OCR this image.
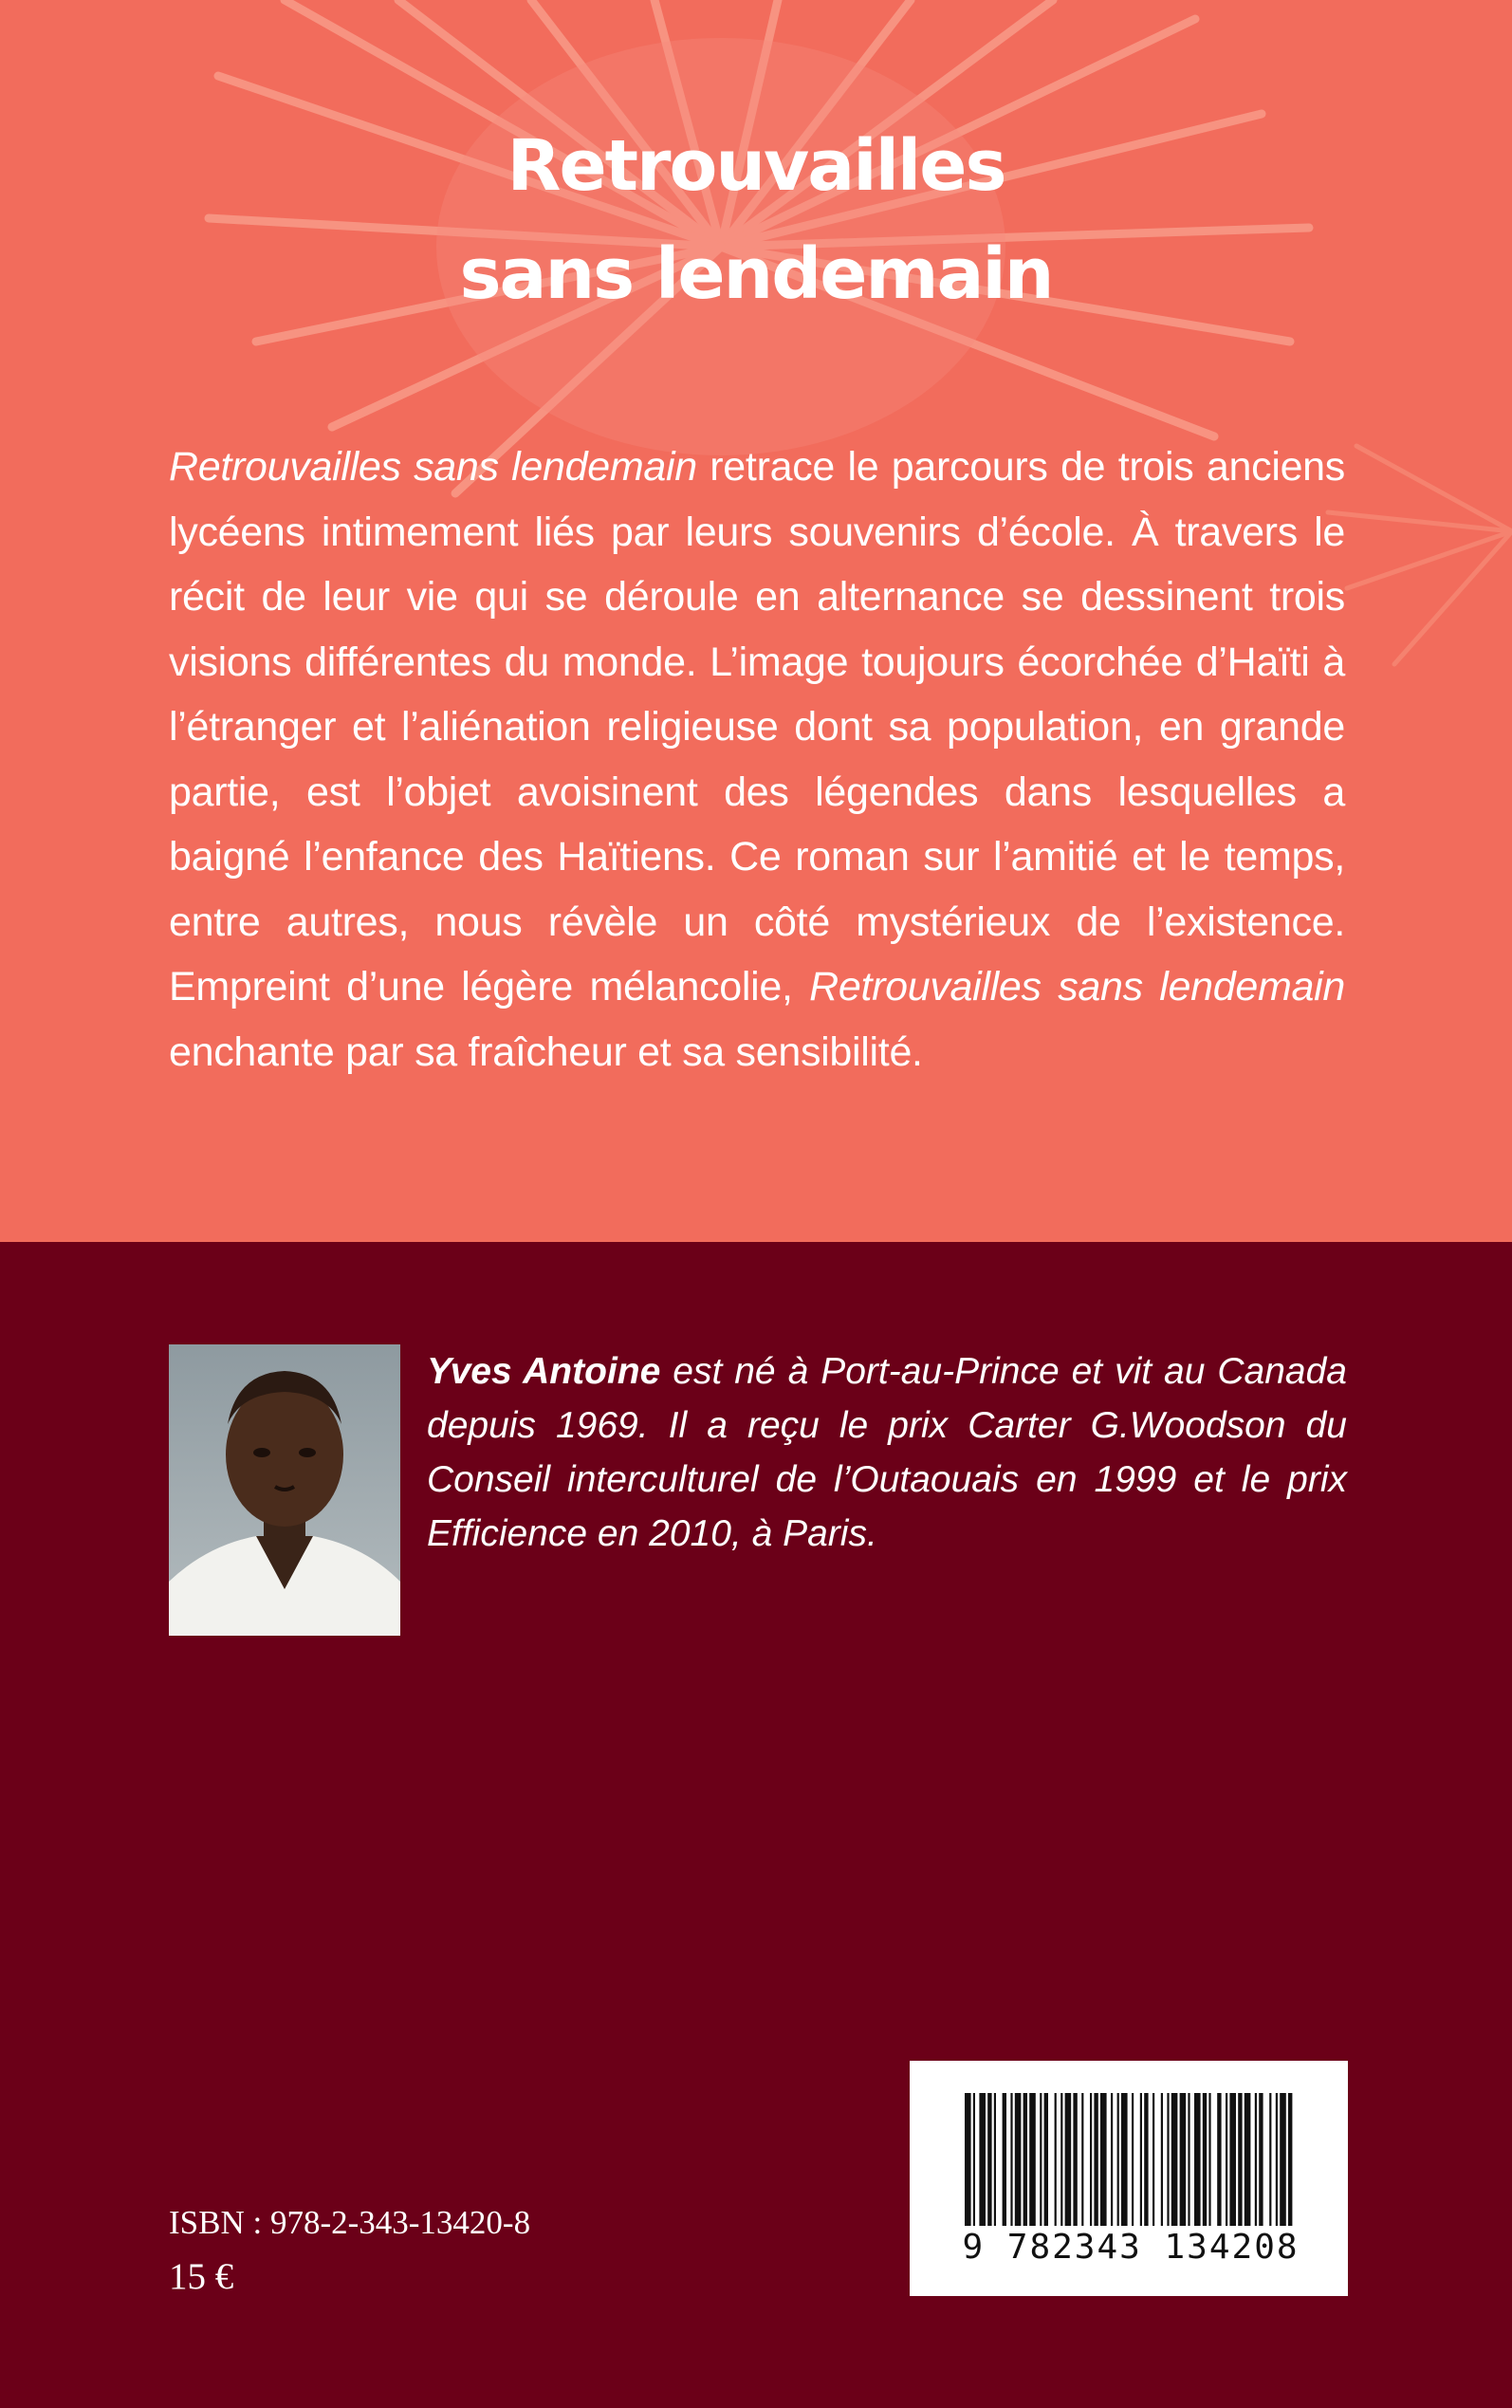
Retrouvailles
sans lendemain

Retrouvailles sans lendemain retrace le parcours de trois anciens lycéens intimement liés par leurs souvenirs d’école. À travers le récit de leur vie qui se déroule en alternance se dessinent trois visions différentes du monde. L’image toujours écorchée d’Haïti à l’étranger et l’aliénation religieuse dont sa population, en grande partie, est l’objet avoisinent des légendes dans lesquelles a baigné l’enfance des Haïtiens. Ce roman sur l’amitié et le temps, entre autres, nous révèle un côté mystérieux de l’existence. Empreint d’une légère mélancolie, Retrouvailles sans lendemain enchante par sa fraîcheur et sa sensibilité.

Yves Antoine est né à Port-au-Prince et vit au Canada depuis 1969. Il a reçu le prix Carter G.Woodson du Conseil interculturel de l’Outaouais en 1999 et le prix Efficience en 2010, à Paris.

ISBN : 978-2-343-13420-8
15 €
9 782343 134208
